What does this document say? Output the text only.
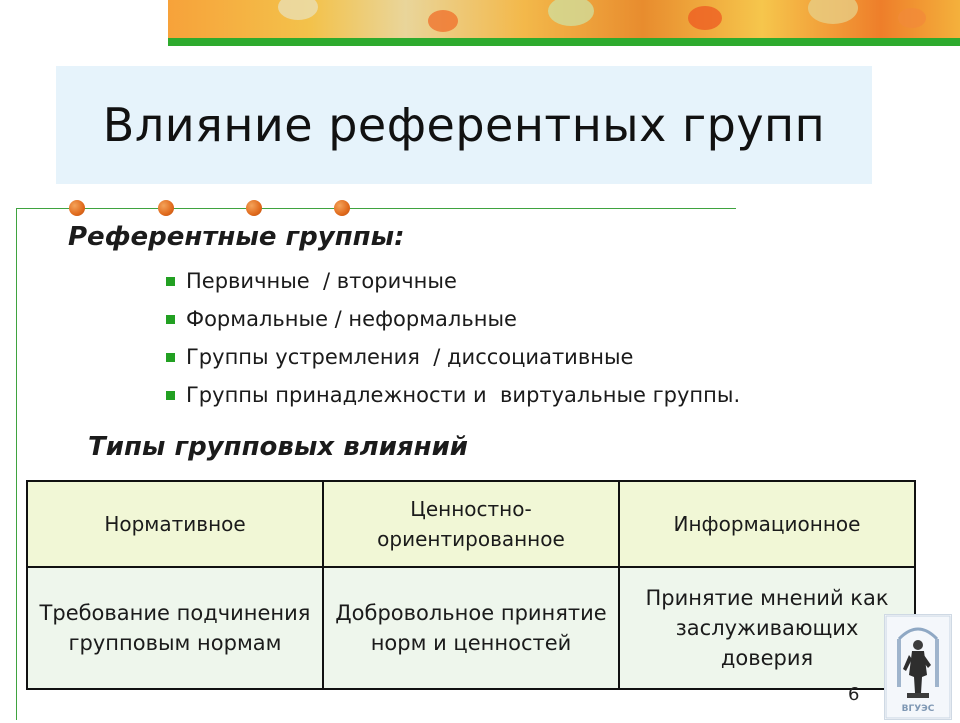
Влияние референтных групп
Референтные группы:
Первичные  / вторичные
Формальные / неформальные
Группы устремления  / диссоциативные
Группы принадлежности и  виртуальные группы.
Типы групповых влияний
Нормативное	Ценностно-ориентированное	Информационное
Требование подчинения групповым нормам	Добровольное принятие норм и ценностей	Принятие мнений как заслуживающих доверия
ВГУЭС
6
